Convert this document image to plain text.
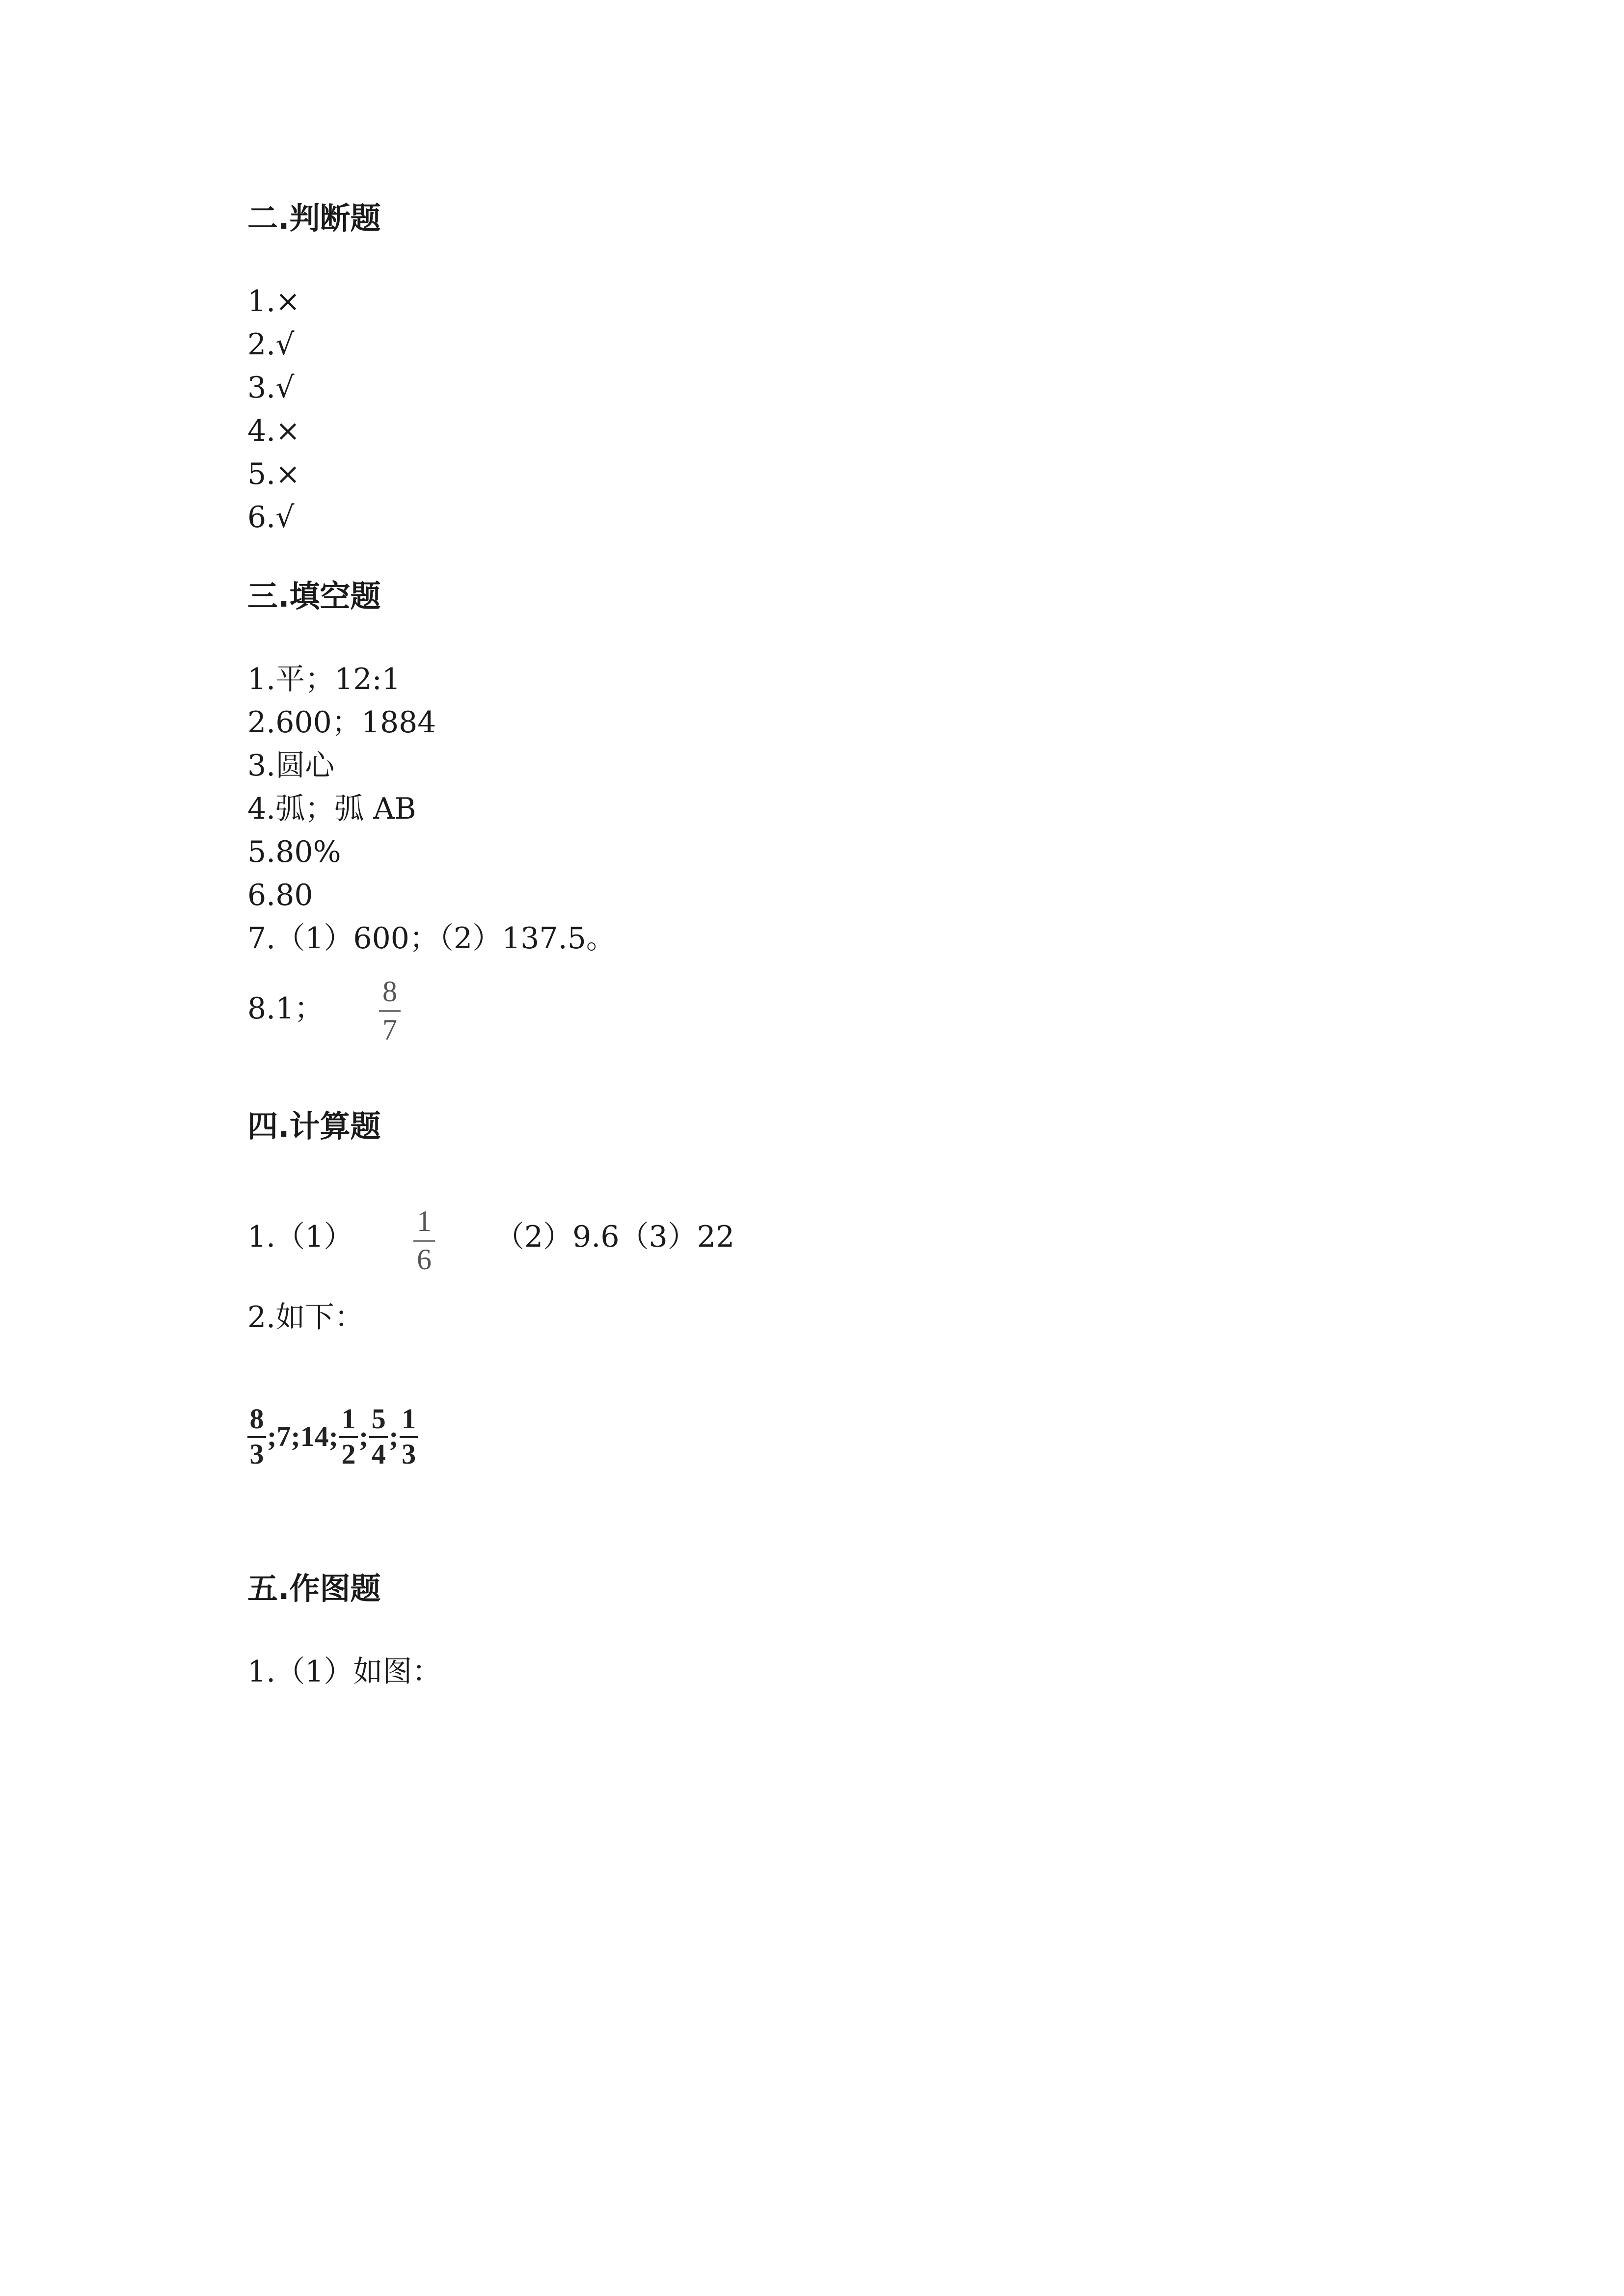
二.判断题
1.×
2.√
3.√
4.×
5.×
6.√
三.填空题
1.平；12:1
2.600；1884
3.圆心
4.弧；弧 AB
5.80%
6.80
7.（1）600；（2）137.5。
8.1； 8
7
四.计算题
1.（1） 1
6
（2）9.6（3）22
2.如下：
8
3
;7;14;
1
2
;
5
4
;
1
3
五.作图题
1.（1）如图：
